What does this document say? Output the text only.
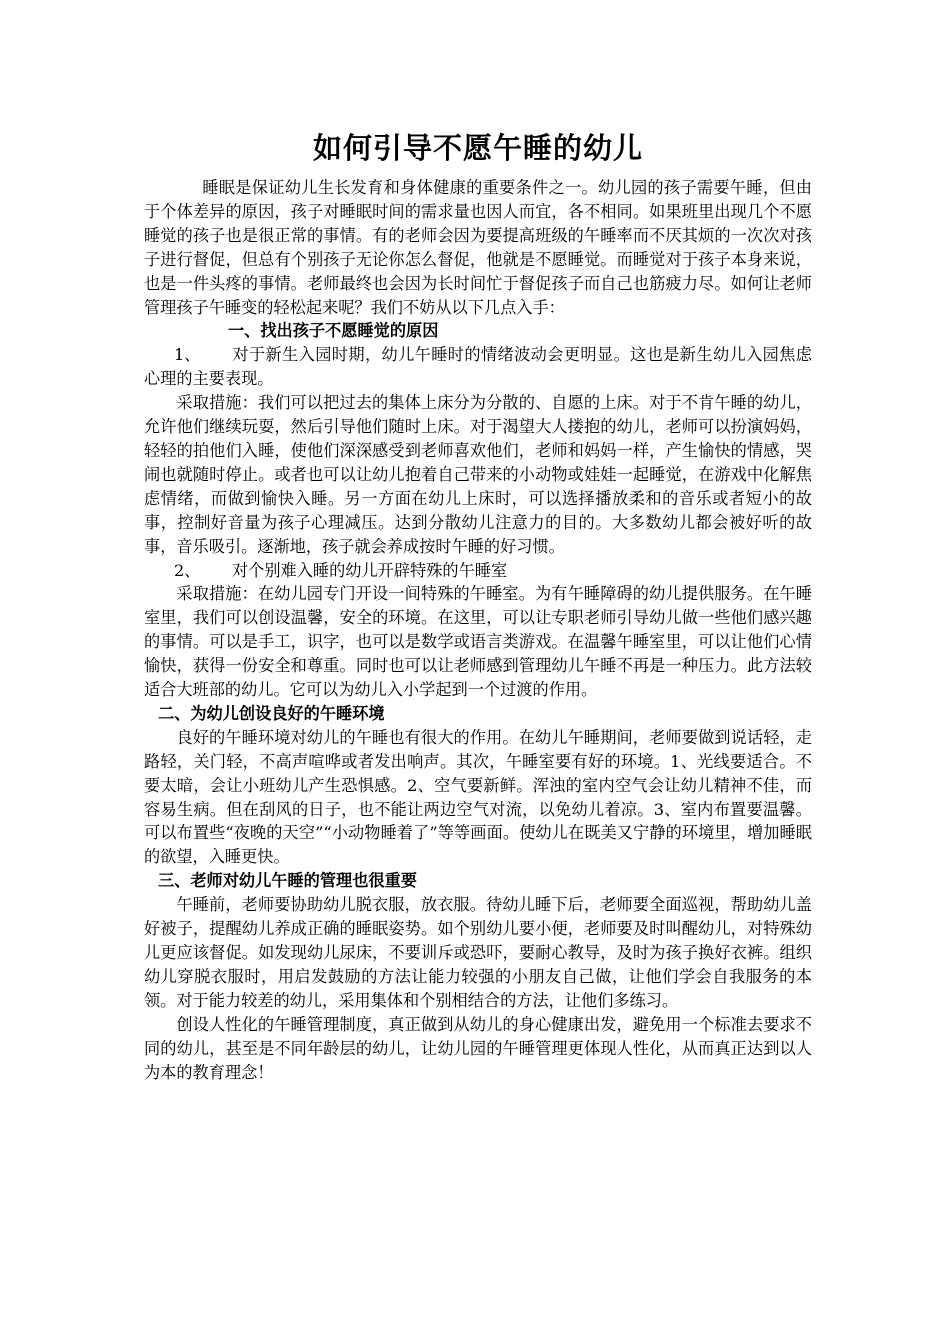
如何引导不愿午睡的幼儿

睡眠是保证幼儿生长发育和身体健康的重要条件之一。幼儿园的孩子需要午睡，但由于个体差异的原因，孩子对睡眠时间的需求量也因人而宜，各不相同。如果班里出现几个不愿睡觉的孩子也是很正常的事情。有的老师会因为要提高班级的午睡率而不厌其烦的一次次对孩子进行督促，但总有个别孩子无论你怎么督促，他就是不愿睡觉。而睡觉对于孩子本身来说，也是一件头疼的事情。老师最终也会因为长时间忙于督促孩子而自己也筋疲力尽。如何让老师管理孩子午睡变的轻松起来呢？我们不妨从以下几点入手：

一、找出孩子不愿睡觉的原因

1、 对于新生入园时期，幼儿午睡时的情绪波动会更明显。这也是新生幼儿入园焦虑心理的主要表现。

采取措施：我们可以把过去的集体上床分为分散的、自愿的上床。对于不肯午睡的幼儿，允许他们继续玩耍，然后引导他们随时上床。对于渴望大人搂抱的幼儿，老师可以扮演妈妈，轻轻的拍他们入睡，使他们深深感受到老师喜欢他们，老师和妈妈一样，产生愉快的情感，哭闹也就随时停止。或者也可以让幼儿抱着自己带来的小动物或娃娃一起睡觉，在游戏中化解焦虑情绪，而做到愉快入睡。另一方面在幼儿上床时，可以选择播放柔和的音乐或者短小的故事，控制好音量为孩子心理减压。达到分散幼儿注意力的目的。大多数幼儿都会被好听的故事，音乐吸引。逐渐地，孩子就会养成按时午睡的好习惯。

2、 对个别难入睡的幼儿开辟特殊的午睡室

采取措施：在幼儿园专门开设一间特殊的午睡室。为有午睡障碍的幼儿提供服务。在午睡室里，我们可以创设温馨，安全的环境。在这里，可以让专职老师引导幼儿做一些他们感兴趣的事情。可以是手工，识字，也可以是数学或语言类游戏。在温馨午睡室里，可以让他们心情愉快，获得一份安全和尊重。同时也可以让老师感到管理幼儿午睡不再是一种压力。此方法较适合大班部的幼儿。它可以为幼儿入小学起到一个过渡的作用。

二、为幼儿创设良好的午睡环境

良好的午睡环境对幼儿的午睡也有很大的作用。在幼儿午睡期间，老师要做到说话轻，走路轻，关门轻，不高声喧哗或者发出响声。其次，午睡室要有好的环境。1、光线要适合。不要太暗，会让小班幼儿产生恐惧感。2、空气要新鲜。浑浊的室内空气会让幼儿精神不佳，而容易生病。但在刮风的日子，也不能让两边空气对流，以免幼儿着凉。3、室内布置要温馨。可以布置些“夜晚的天空”“小动物睡着了”等等画面。使幼儿在既美又宁静的环境里，增加睡眠的欲望，入睡更快。

三、老师对幼儿午睡的管理也很重要

午睡前，老师要协助幼儿脱衣服，放衣服。待幼儿睡下后，老师要全面巡视，帮助幼儿盖好被子，提醒幼儿养成正确的睡眠姿势。如个别幼儿要小便，老师要及时叫醒幼儿，对特殊幼儿更应该督促。如发现幼儿尿床，不要训斥或恐吓，要耐心教导，及时为孩子换好衣裤。组织幼儿穿脱衣服时，用启发鼓励的方法让能力较强的小朋友自己做，让他们学会自我服务的本领。对于能力较差的幼儿，采用集体和个别相结合的方法，让他们多练习。

创设人性化的午睡管理制度，真正做到从幼儿的身心健康出发，避免用一个标准去要求不同的幼儿，甚至是不同年龄层的幼儿，让幼儿园的午睡管理更体现人性化，从而真正达到以人为本的教育理念！
